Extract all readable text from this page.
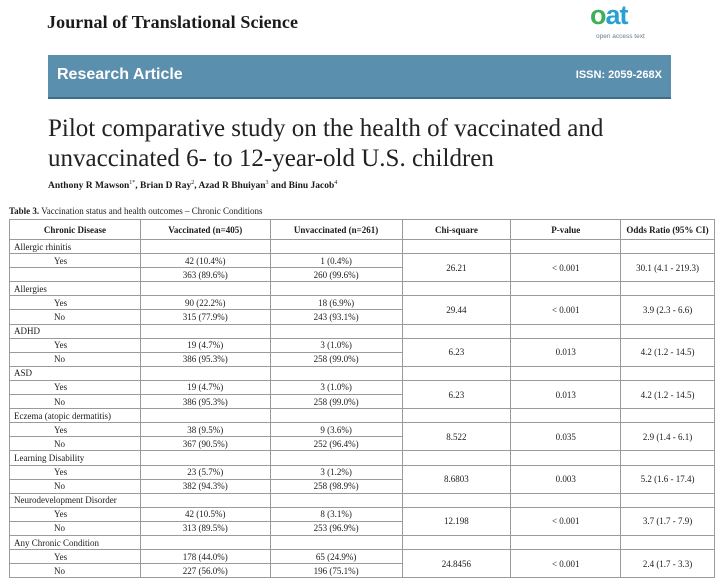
Journal of Translational Science	oat
open access text
Research Article	ISSN: 2059-268X
Pilot comparative study on the health of vaccinated and unvaccinated 6- to 12-year-old U.S. children
Anthony R Mawson$^{1*}$, Brian D Ray$^2$, Azad R Bhuiyan$^3$ and Binu Jacob$^4$
Table 3. Vaccination status and health outcomes – Chronic Conditions
Chronic Disease	Vaccinated (n=405)	Unvaccinated (n=261)	Chi-square	P-value	Odds Ratio (95% CI)
Allergic rhinitis					
Yes	42 (10.4%)	1 (0.4%)	26.21	< 0.001	30.1 (4.1 - 219.3)
	363 (89.6%)	260 (99.6%)			
Allergies					
Yes	90 (22.2%)	18 (6.9%)	29.44	< 0.001	3.9 (2.3 - 6.6)
No	315 (77.9%)	243 (93.1%)			
ADHD					
Yes	19 (4.7%)	3 (1.0%)	6.23	0.013	4.2 (1.2 - 14.5)
No	386 (95.3%)	258 (99.0%)			
ASD					
Yes	19 (4.7%)	3 (1.0%)	6.23	0.013	4.2 (1.2 - 14.5)
No	386 (95.3%)	258 (99.0%)			
Eczema (atopic dermatitis)					
Yes	38 (9.5%)	9 (3.6%)	8.522	0.035	2.9 (1.4 - 6.1)
No	367 (90.5%)	252 (96.4%)			
Learning Disability					
Yes	23 (5.7%)	3 (1.2%)	8.6803	0.003	5.2 (1.6 - 17.4)
No	382 (94.3%)	258 (98.9%)			
Neurodevelopment Disorder					
Yes	42 (10.5%)	8 (3.1%)	12.198	< 0.001	3.7 (1.7 - 7.9)
No	313 (89.5%)	253 (96.9%)			
Any Chronic Condition					
Yes	178 (44.0%)	65 (24.9%)	24.8456	< 0.001	2.4 (1.7 - 3.3)
No	227 (56.0%)	196 (75.1%)			
